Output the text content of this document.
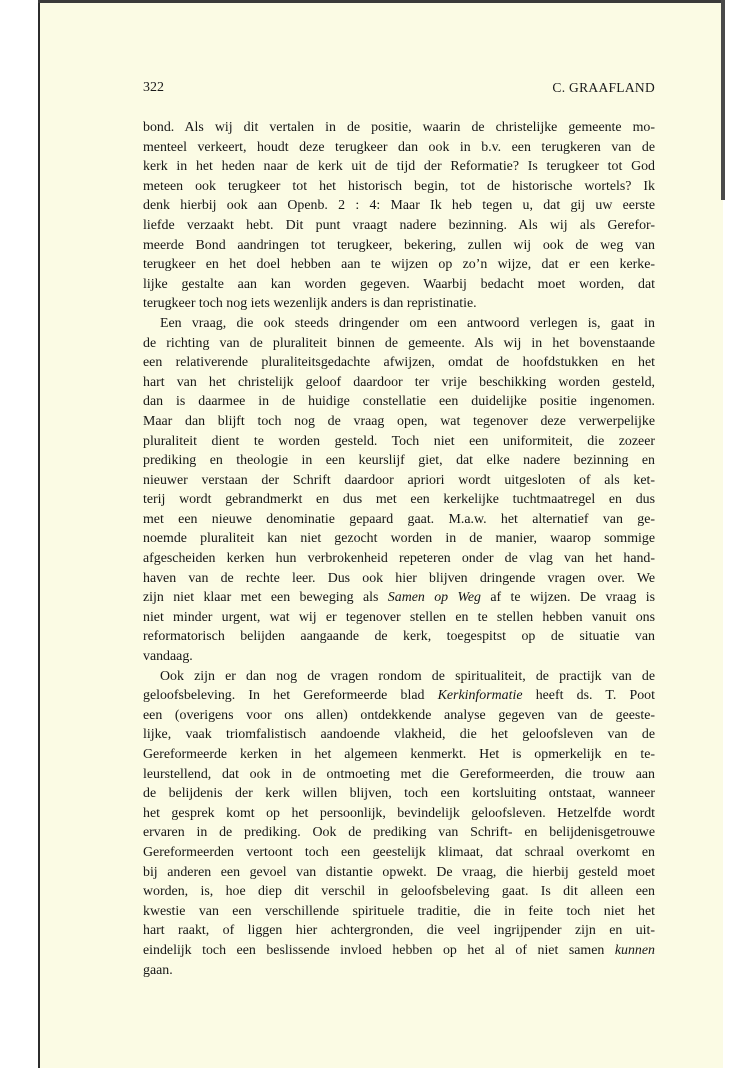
322	C. GRAAFLAND
bond. Als wij dit vertalen in de positie, waarin de christelijke gemeente mo-
menteel verkeert, houdt deze terugkeer dan ook in b.v. een terugkeren van de
kerk in het heden naar de kerk uit de tijd der Reformatie? Is terugkeer tot God
meteen ook terugkeer tot het historisch begin, tot de historische wortels? Ik
denk hierbij ook aan Openb. 2 : 4: Maar Ik heb tegen u, dat gij uw eerste
liefde verzaakt hebt. Dit punt vraagt nadere bezinning. Als wij als Gerefor-
meerde Bond aandringen tot terugkeer, bekering, zullen wij ook de weg van
terugkeer en het doel hebben aan te wijzen op zo’n wijze, dat er een kerke-
lijke gestalte aan kan worden gegeven. Waarbij bedacht moet worden, dat
terugkeer toch nog iets wezenlijk anders is dan repristinatie.
Een vraag, die ook steeds dringender om een antwoord verlegen is, gaat in
de richting van de pluraliteit binnen de gemeente. Als wij in het bovenstaande
een relativerende pluraliteitsgedachte afwijzen, omdat de hoofdstukken en het
hart van het christelijk geloof daardoor ter vrije beschikking worden gesteld,
dan is daarmee in de huidige constellatie een duidelijke positie ingenomen.
Maar dan blijft toch nog de vraag open, wat tegenover deze verwerpelijke
pluraliteit dient te worden gesteld. Toch niet een uniformiteit, die zozeer
prediking en theologie in een keurslijf giet, dat elke nadere bezinning en
nieuwer verstaan der Schrift daardoor apriori wordt uitgesloten of als ket-
terij wordt gebrandmerkt en dus met een kerkelijke tuchtmaatregel en dus
met een nieuwe denominatie gepaard gaat. M.a.w. het alternatief van ge-
noemde pluraliteit kan niet gezocht worden in de manier, waarop sommige
afgescheiden kerken hun verbrokenheid repeteren onder de vlag van het hand-
haven van de rechte leer. Dus ook hier blijven dringende vragen over. We
zijn niet klaar met een beweging als Samen op Weg af te wijzen. De vraag is
niet minder urgent, wat wij er tegenover stellen en te stellen hebben vanuit ons
reformatorisch belijden aangaande de kerk, toegespitst op de situatie van
vandaag.
Ook zijn er dan nog de vragen rondom de spiritualiteit, de practijk van de
geloofsbeleving. In het Gereformeerde blad Kerkinformatie heeft ds. T. Poot
een (overigens voor ons allen) ontdekkende analyse gegeven van de geeste-
lijke, vaak triomfalistisch aandoende vlakheid, die het geloofsleven van de
Gereformeerde kerken in het algemeen kenmerkt. Het is opmerkelijk en te-
leurstellend, dat ook in de ontmoeting met die Gereformeerden, die trouw aan
de belijdenis der kerk willen blijven, toch een kortsluiting ontstaat, wanneer
het gesprek komt op het persoonlijk, bevindelijk geloofsleven. Hetzelfde wordt
ervaren in de prediking. Ook de prediking van Schrift- en belijdenisgetrouwe
Gereformeerden vertoont toch een geestelijk klimaat, dat schraal overkomt en
bij anderen een gevoel van distantie opwekt. De vraag, die hierbij gesteld moet
worden, is, hoe diep dit verschil in geloofsbeleving gaat. Is dit alleen een
kwestie van een verschillende spirituele traditie, die in feite toch niet het
hart raakt, of liggen hier achtergronden, die veel ingrijpender zijn en uit-
eindelijk toch een beslissende invloed hebben op het al of niet samen kunnen
gaan.
